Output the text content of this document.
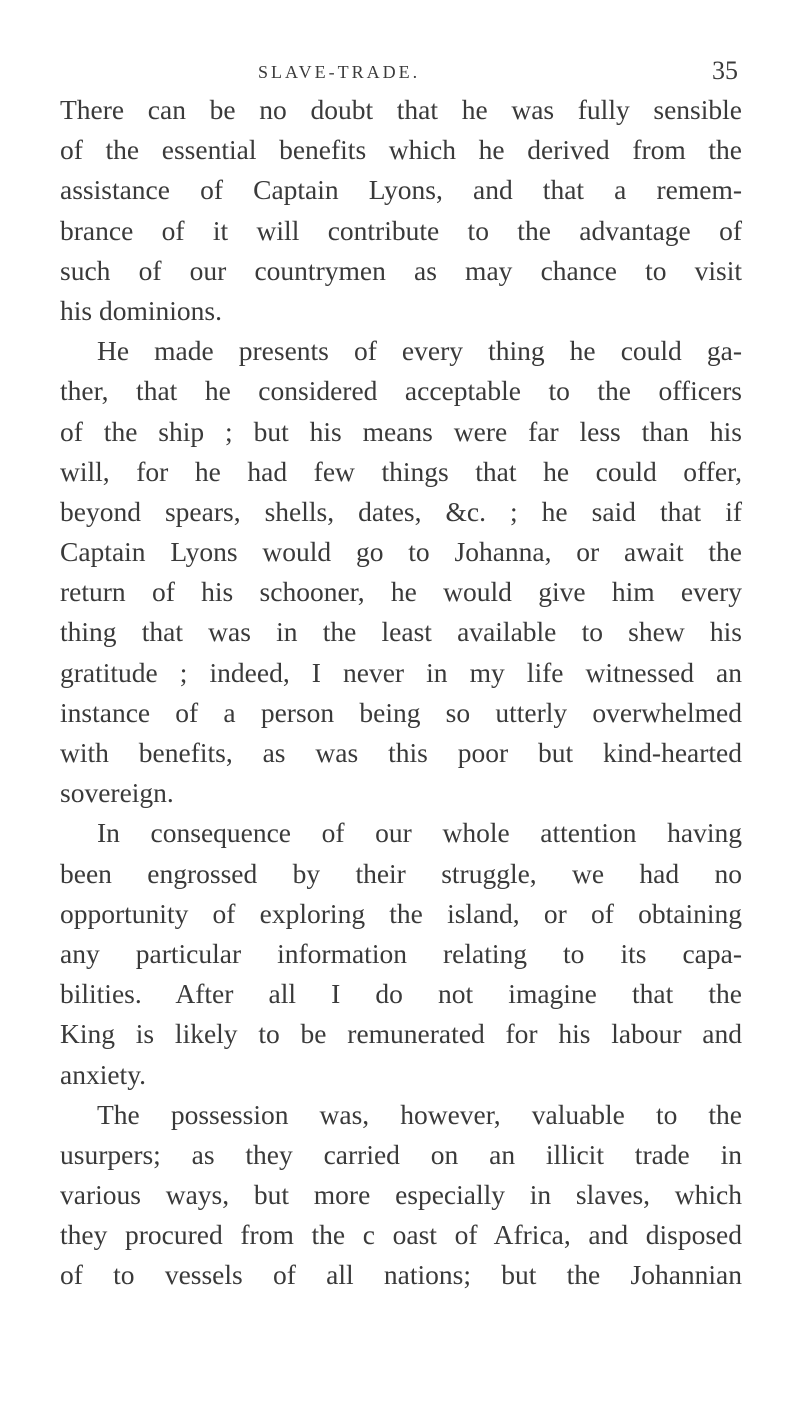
SLAVE-TRADE.	35
There can be no doubt that he was fully sensible
of the essential benefits which he derived from the
assistance of Captain Lyons, and that a remem-
brance of it will contribute to the advantage of
such of our countrymen as may chance to visit
his dominions.
He made presents of every thing he could ga-
ther, that he considered acceptable to the officers
of the ship ; but his means were far less than his
will, for he had few things that he could offer,
beyond spears, shells, dates, &c. ; he said that if
Captain Lyons would go to Johanna, or await the
return of his schooner, he would give him every
thing that was in the least available to shew his
gratitude ; indeed, I never in my life witnessed an
instance of a person being so utterly overwhelmed
with benefits, as was this poor but kind-hearted
sovereign.
In consequence of our whole attention having
been engrossed by their struggle, we had no
opportunity of exploring the island, or of obtaining
any particular information relating to its capa-
bilities. After all I do not imagine that the
King is likely to be remunerated for his labour and
anxiety.
The possession was, however, valuable to the
usurpers; as they carried on an illicit trade in
various ways, but more especially in slaves, which
they procured from the c oast of Africa, and disposed
of to vessels of all nations; but the Johannian
